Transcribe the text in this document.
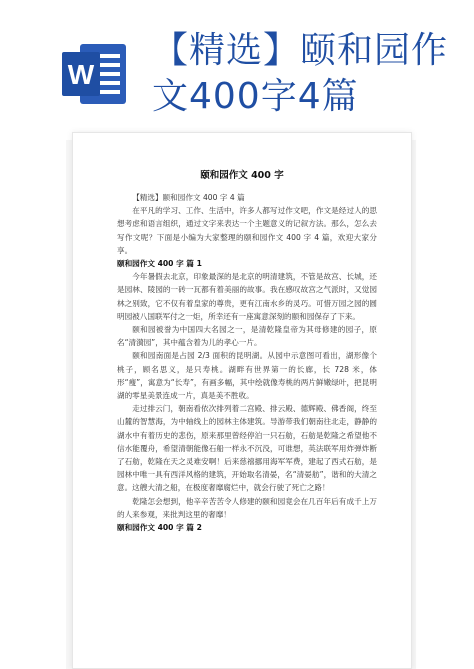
W
【精选】颐和园作
文400字4篇
颐和园作文 400 字
【精选】颐和园作文 400 字 4 篇
在平凡的学习、工作、生活中，许多人都写过作文吧，作文是经过人的思想考虑和语言组织，通过文字来表达一个主题意义的记叙方法。那么，怎么去写作文呢？下面是小编为大家整理的颐和园作文 400 字 4 篇，欢迎大家分享。
颐和园作文 400 字 篇 1
今年暑假去北京，印象最深的是北京的明清建筑，不管是故宫、长城，还是园林、陵园的一砖一瓦都有着美丽的故事。我在感叹故宫之气派时，又觉园林之别致，它不仅有着皇家的尊贵，更有江南水乡的灵巧。可惜万园之园的圆明园被八国联军付之一炬，所幸还有一座寓意深刻的颐和园保存了下来。
颐和园被誉为中国四大名园之一，是清乾隆皇帝为其母修建的园子，原名“清漪园”，其中蕴含着为儿的孝心一片。
颐和园南面是占园 2/3 面积的昆明湖。从园中示意图可看出，湖形像个桃子，顾名思义，是只寿桃。湖畔有世界第一的长廊，长 728 米，体形“瘦”，寓意为“长寿”，有画多幅，其中绘就像寿桃的两片鲜嫩绿叶，把昆明湖的零星美景连成一片，真是美不胜收。
走过排云门，朝南看依次排列着二宫殿、排云殿、德辉殿、佛香阁，终至山麓的智慧海，为中轴线上的园林主体建筑。导游带我们朝南往北走，静静的湖水中有着历史的悲伤，原来那里曾经停泊一只石舫，石舫是乾隆之希望他不信水能覆舟，希望清朝能像石船一样永不沉没，可谁想，英法联军用炸弹炸断了石舫，乾隆在天之灵难安啊！后来慈禧挪用海军军费，建起了西式石舫，是园林中唯一具有西洋风格的建筑，开始取名清晏，名“清晏舫”，谐和的大清之意。这艘大清之船，在极度奢靡腐烂中，就会行驶了死亡之路！
乾隆怎会想到，他辛辛苦苦令人修建的颐和园竟会在几百年后有成千上万的人来参观，来批判这里的奢靡！
颐和园作文 400 字 篇 2
